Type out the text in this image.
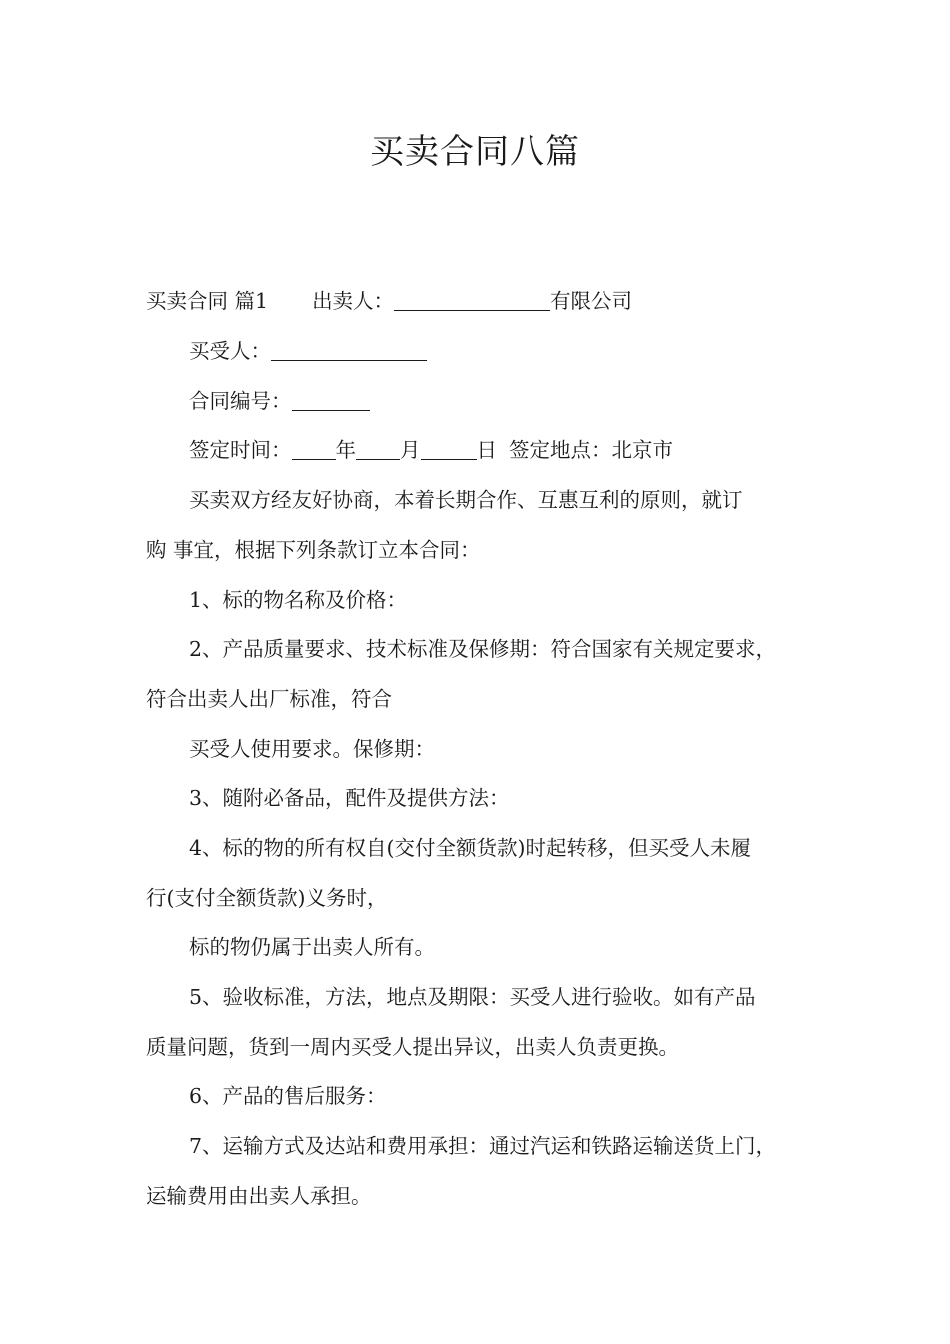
买卖合同八篇
买卖合同 篇1 出卖人：	有限公司
买受人：
合同编号：
签定时间： 年 月	日 签定地点：北京市
买卖双方经友好协商，本着长期合作、互惠互利的原则，就订
购 事宜，根据下列条款订立本合同：
1、标的物名称及价格：
2、产品质量要求、技术标准及保修期：符合国家有关规定要求，
符合出卖人出厂标准，符合
买受人使用要求。保修期：
3、随附必备品，配件及提供方法：
4、标的物的所有权自(交付全额货款)时起转移，但买受人未履
行(支付全额货款)义务时，
标的物仍属于出卖人所有。
5、验收标准，方法，地点及期限：买受人进行验收。如有产品
质量问题，货到一周内买受人提出异议，出卖人负责更换。
6、产品的售后服务：
7、运输方式及达站和费用承担：通过汽运和铁路运输送货上门，
运输费用由出卖人承担。
